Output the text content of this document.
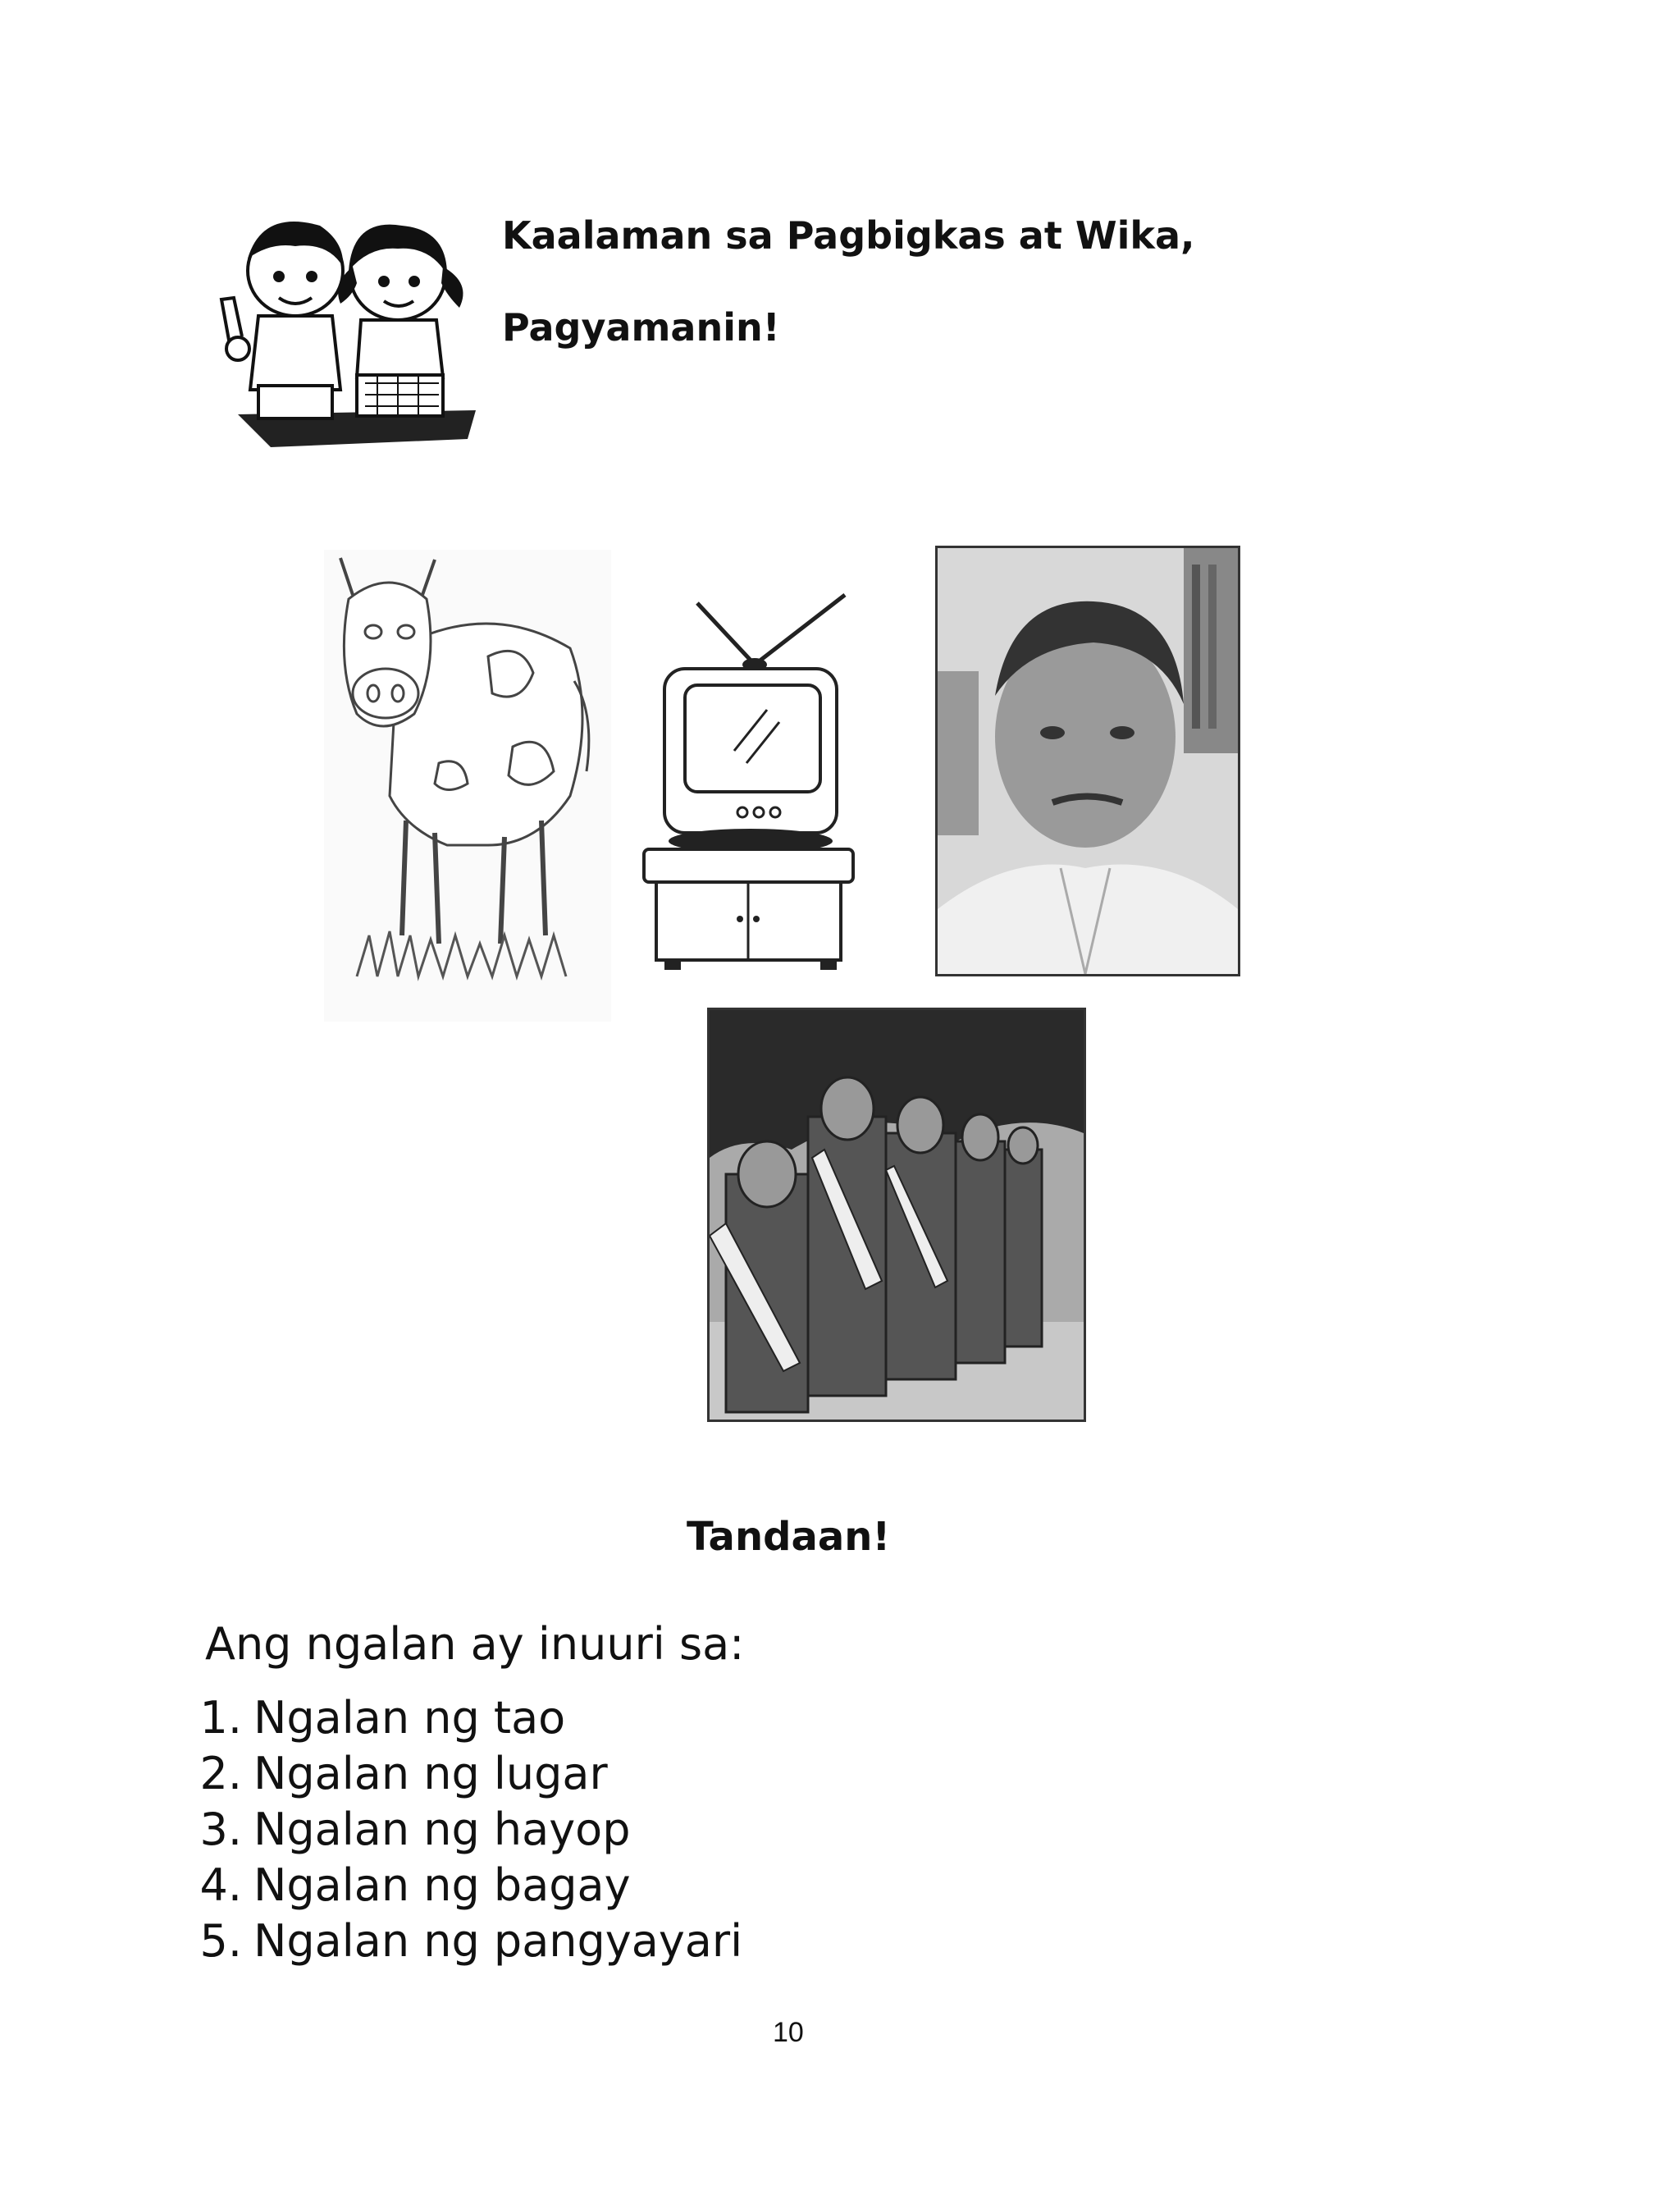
Kaalaman sa Pagbigkas at Wika,
Pagyamanin!
Tandaan!
Ang ngalan ay inuuri sa:
1. Ngalan ng tao
2. Ngalan ng lugar
3. Ngalan ng hayop
4. Ngalan ng bagay
5. Ngalan ng pangyayari
10
